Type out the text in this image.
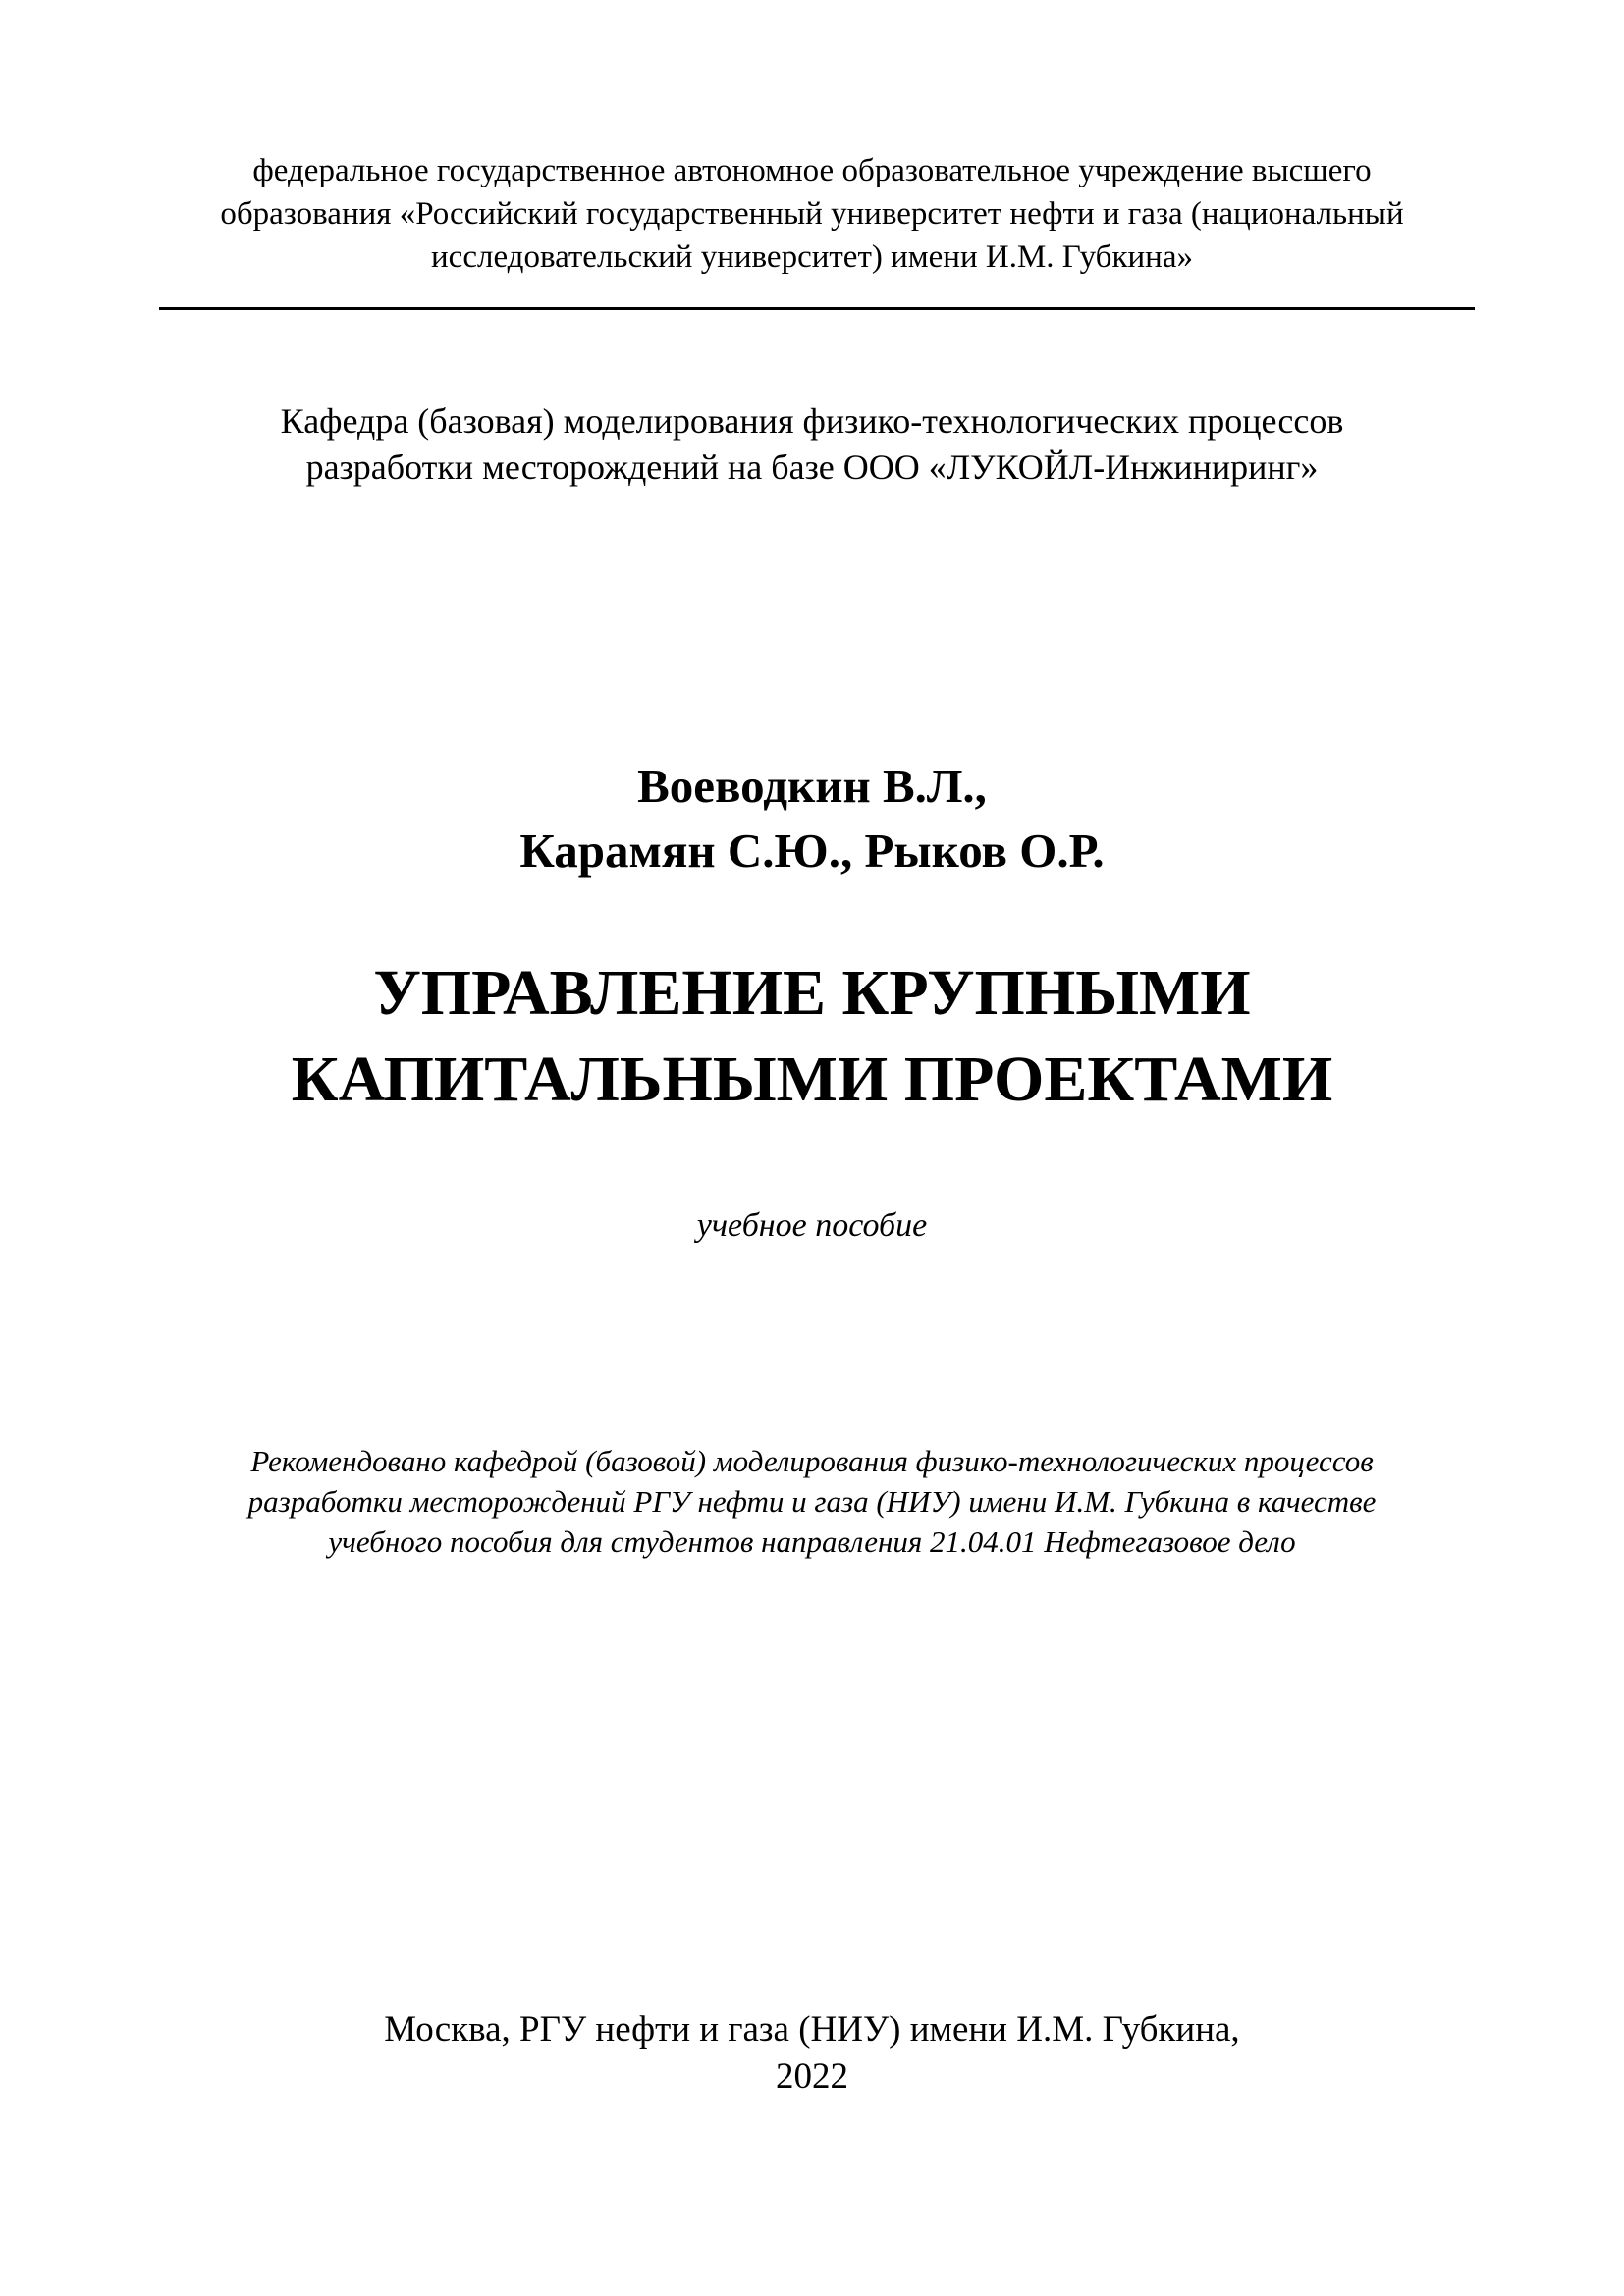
федеральное государственное автономное образовательное учреждение высшего
образования «Российский государственный университет нефти и газа (национальный
исследовательский университет) имени И.М. Губкина»
Кафедра (базовая) моделирования физико-технологических процессов
разработки месторождений на базе ООО «ЛУКОЙЛ-Инжиниринг»
Воеводкин В.Л.,
Карамян С.Ю., Рыков О.Р.
УПРАВЛЕНИЕ КРУПНЫМИ
КАПИТАЛЬНЫМИ ПРОЕКТАМИ
учебное пособие
Рекомендовано кафедрой (базовой) моделирования физико-технологических процессов
разработки месторождений РГУ нефти и газа (НИУ) имени И.М. Губкина в качестве
учебного пособия для студентов направления 21.04.01 Нефтегазовое дело
Москва, РГУ нефти и газа (НИУ) имени И.М. Губкина,
2022
